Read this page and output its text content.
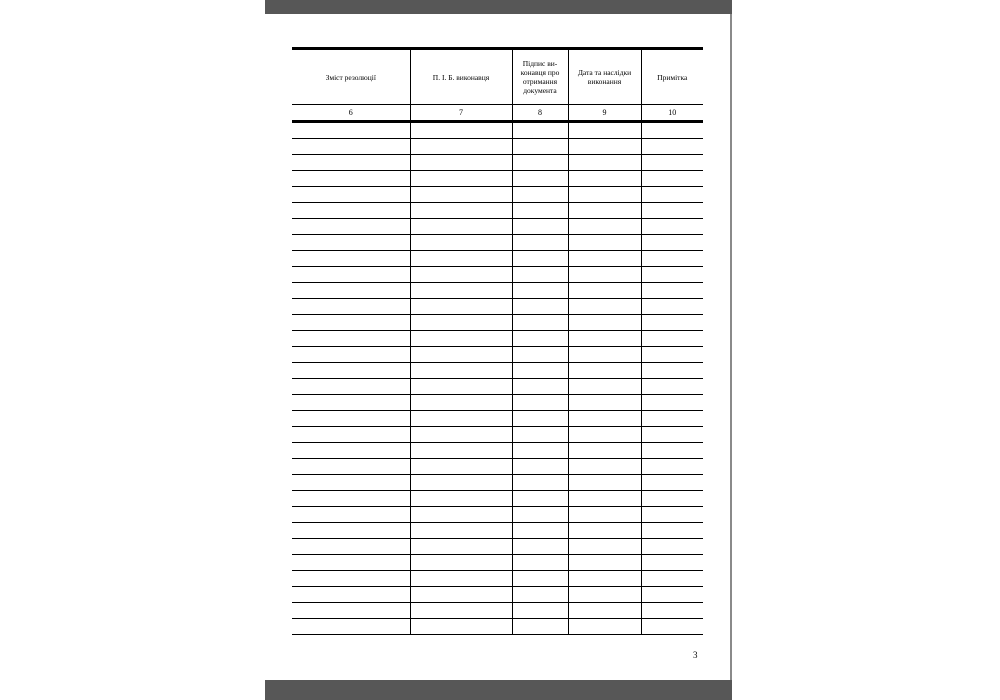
Зміст резолюції	П. І. Б. виконавця	Підпис ви- конавця про отримання документа	Дата та наслідки виконання	Примітка
6	7	8	9	10

3
